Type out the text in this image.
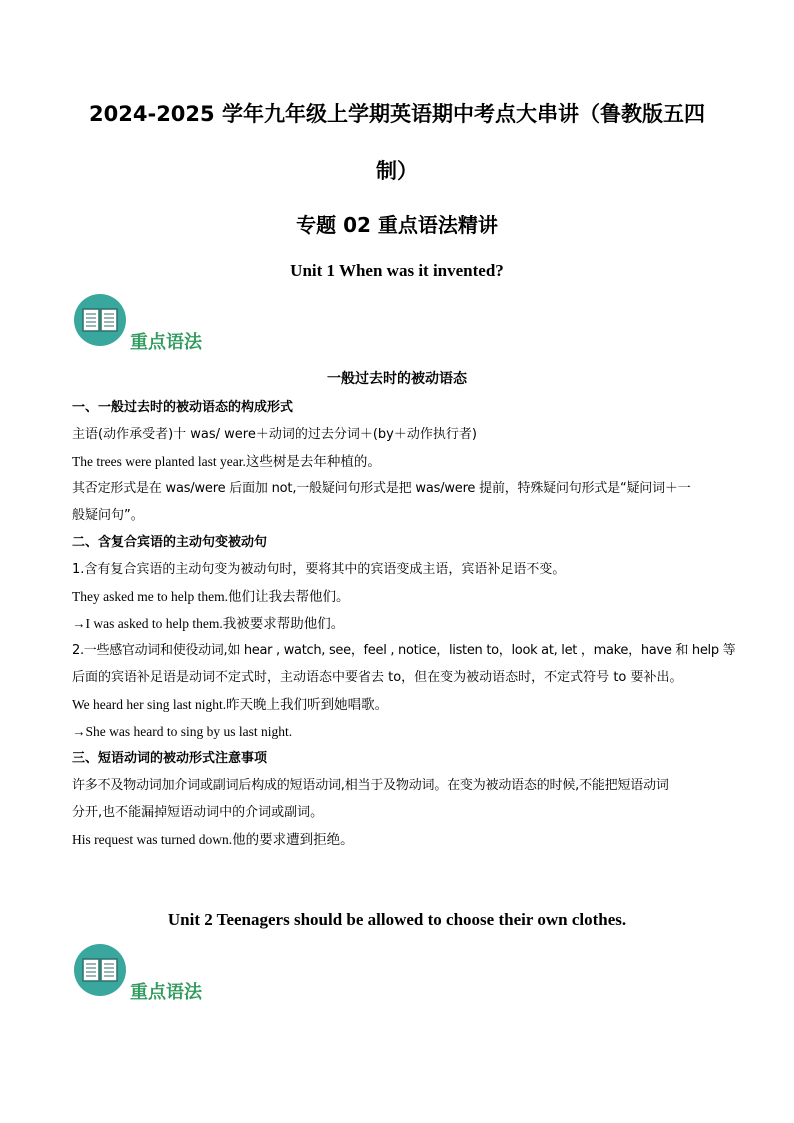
2024-2025 学年九年级上学期英语期中考点大串讲（鲁教版五四
制）
专题 02 重点语法精讲
Unit 1 When was it invented?
重点语法
一般过去时的被动语态
一、一般过去时的被动语态的构成形式
主语(动作承受者)十 was/ were＋动词的过去分词＋(by＋动作执行者)
The trees were planted last year.这些树是去年种植的。
其否定形式是在 was/were 后面加 not,一般疑问句形式是把 was/were 提前，特殊疑问句形式是“疑问词＋一
般疑问句”。
二、含复合宾语的主动句变被动句
1.含有复合宾语的主动句变为被动句时，要将其中的宾语变成主语，宾语补足语不变。
They asked me to help them.他们让我去帮他们。
→I was asked to help them.我被要求帮助他们。
2.一些感官动词和使役动词,如 hear , watch, see，feel , notice，listen to，look at, let ，make，have 和 help 等
后面的宾语补足语是动词不定式时，主动语态中要省去 to，但在变为被动语态时，不定式符号 to 要补出。
We heard her sing last night.昨天晚上我们听到她唱歌。
→She was heard to sing by us last night.
三、短语动词的被动形式注意事项
许多不及物动词加介词或副词后构成的短语动词,相当于及物动词。在变为被动语态的时候,不能把短语动词
分开,也不能漏掉短语动词中的介词或副词。
His request was turned down.他的要求遭到拒绝。
Unit 2 Teenagers should be allowed to choose their own clothes.
重点语法
